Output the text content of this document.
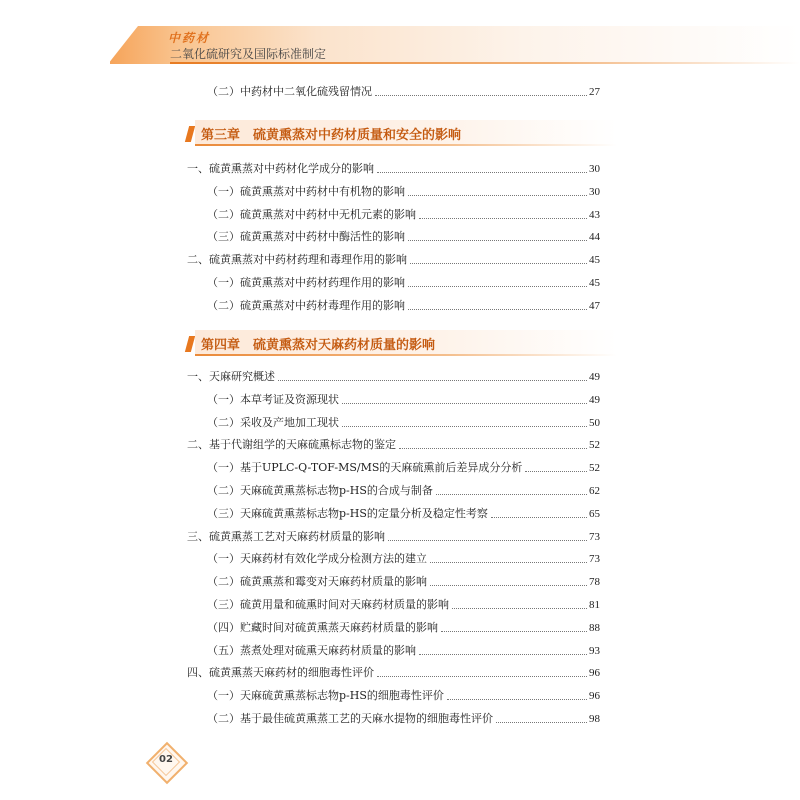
中药材
二氧化硫研究及国际标准制定
第三章　硫黄熏蒸对中药材质量和安全的影响
第四章　硫黄熏蒸对天麻药材质量的影响
（二）中药材中二氧化硫残留情况	27
一、硫黄熏蒸对中药材化学成分的影响	30
（一）硫黄熏蒸对中药材中有机物的影响	30
（二）硫黄熏蒸对中药材中无机元素的影响	43
（三）硫黄熏蒸对中药材中酶活性的影响	44
二、硫黄熏蒸对中药材药理和毒理作用的影响	45
（一）硫黄熏蒸对中药材药理作用的影响	45
（二）硫黄熏蒸对中药材毒理作用的影响	47
一、天麻研究概述	49
（一）本草考证及资源现状	49
（二）采收及产地加工现状	50
二、基于代谢组学的天麻硫熏标志物的鉴定	52
（一）基于UPLC-Q-TOF-MS/MS的天麻硫熏前后差异成分分析	52
（二）天麻硫黄熏蒸标志物p-HS的合成与制备	62
（三）天麻硫黄熏蒸标志物p-HS的定量分析及稳定性考察	65
三、硫黄熏蒸工艺对天麻药材质量的影响	73
（一）天麻药材有效化学成分检测方法的建立	73
（二）硫黄熏蒸和霉变对天麻药材质量的影响	78
（三）硫黄用量和硫熏时间对天麻药材质量的影响	81
（四）贮藏时间对硫黄熏蒸天麻药材质量的影响	88
（五）蒸煮处理对硫熏天麻药材质量的影响	93
四、硫黄熏蒸天麻药材的细胞毒性评价	96
（一）天麻硫黄熏蒸标志物p-HS的细胞毒性评价	96
（二）基于最佳硫黄熏蒸工艺的天麻水提物的细胞毒性评价	98
02
